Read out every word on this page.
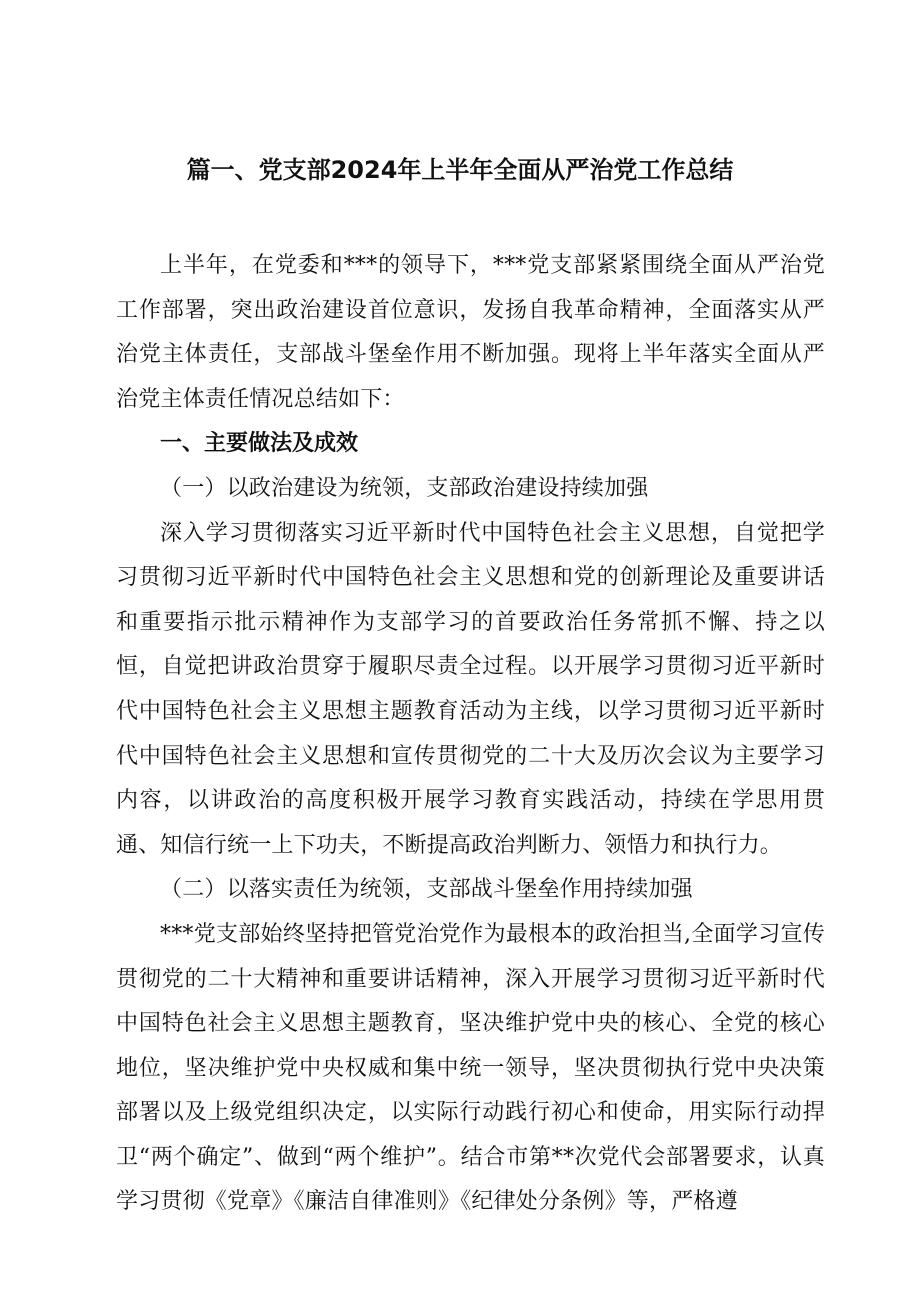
篇一、党支部2024年上半年全面从严治党工作总结

上半年，在党委和***的领导下，***党支部紧紧围绕全面从严治党工作部署，突出政治建设首位意识，发扬自我革命精神，全面落实从严治党主体责任，支部战斗堡垒作用不断加强。现将上半年落实全面从严治党主体责任情况总结如下：

一、主要做法及成效

（一）以政治建设为统领，支部政治建设持续加强

深入学习贯彻落实习近平新时代中国特色社会主义思想，自觉把学习贯彻习近平新时代中国特色社会主义思想和党的创新理论及重要讲话和重要指示批示精神作为支部学习的首要政治任务常抓不懈、持之以恒，自觉把讲政治贯穿于履职尽责全过程。以开展学习贯彻习近平新时代中国特色社会主义思想主题教育活动为主线，以学习贯彻习近平新时代中国特色社会主义思想和宣传贯彻党的二十大及历次会议为主要学习内容，以讲政治的高度积极开展学习教育实践活动，持续在学思用贯通、知信行统一上下功夫，不断提高政治判断力、领悟力和执行力。

（二）以落实责任为统领，支部战斗堡垒作用持续加强

***党支部始终坚持把管党治党作为最根本的政治担当,全面学习宣传贯彻党的二十大精神和重要讲话精神，深入开展学习贯彻习近平新时代中国特色社会主义思想主题教育，坚决维护党中央的核心、全党的核心地位，坚决维护党中央权威和集中统一领导，坚决贯彻执行党中央决策部署以及上级党组织决定，以实际行动践行初心和使命，用实际行动捍卫“两个确定”、做到“两个维护”。结合市第**次党代会部署要求，认真学习贯彻《党章》《廉洁自律准则》《纪律处分条例》等，严格遵
